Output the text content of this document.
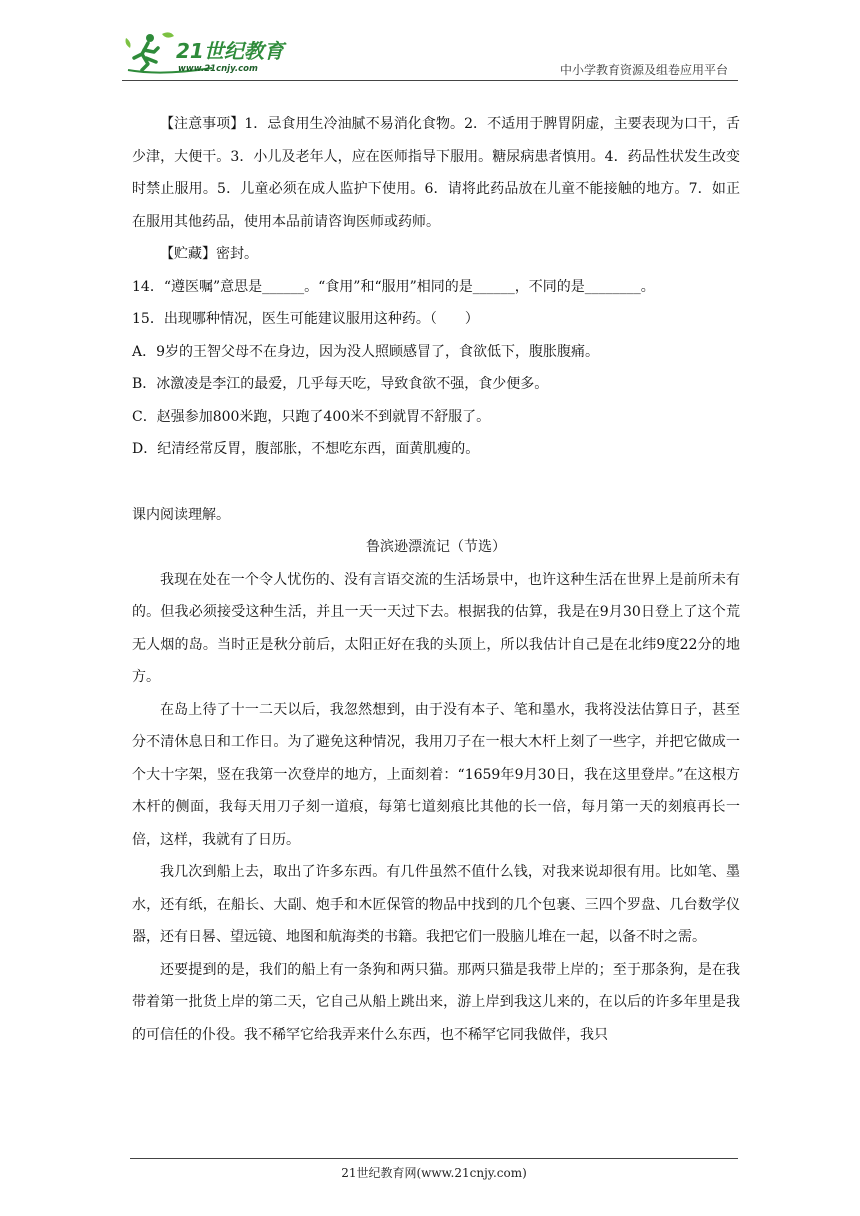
21世纪教育
www.21cnjy.com	中小学教育资源及组卷应用平台

【注意事项】1．忌食用生冷油腻不易消化食物。2．不适用于脾胃阴虚，主要表现为口干，舌少津，大便干。3．小儿及老年人，应在医师指导下服用。糖尿病患者慎用。4．药品性状发生改变时禁止服用。5．儿童必须在成人监护下使用。6．请将此药品放在儿童不能接触的地方。7．如正在服用其他药品，使用本品前请咨询医师或药师。

【贮藏】密封。

14．“遵医嘱”意思是______。“食用”和“服用”相同的是______，不同的是________。

15．出现哪种情况，医生可能建议服用这种药。（　　）

A．9岁的王智父母不在身边，因为没人照顾感冒了，食欲低下，腹胀腹痛。

B．冰激凌是李江的最爱，几乎每天吃，导致食欲不强，食少便多。

C．赵强参加800米跑，只跑了400米不到就胃不舒服了。

D．纪清经常反胃，腹部胀，不想吃东西，面黄肌瘦的。

课内阅读理解。

鲁滨逊漂流记（节选）

我现在处在一个令人忧伤的、没有言语交流的生活场景中，也许这种生活在世界上是前所未有的。但我必须接受这种生活，并且一天一天过下去。根据我的估算，我是在9月30日登上了这个荒无人烟的岛。当时正是秋分前后，太阳正好在我的头顶上，所以我估计自己是在北纬9度22分的地方。

在岛上待了十一二天以后，我忽然想到，由于没有本子、笔和墨水，我将没法估算日子，甚至分不清休息日和工作日。为了避免这种情况，我用刀子在一根大木杆上刻了一些字，并把它做成一个大十字架，竖在我第一次登岸的地方，上面刻着：“1659年9月30日，我在这里登岸。”在这根方木杆的侧面，我每天用刀子刻一道痕，每第七道刻痕比其他的长一倍，每月第一天的刻痕再长一倍，这样，我就有了日历。

我几次到船上去，取出了许多东西。有几件虽然不值什么钱，对我来说却很有用。比如笔、墨水，还有纸，在船长、大副、炮手和木匠保管的物品中找到的几个包裹、三四个罗盘、几台数学仪器，还有日晷、望远镜、地图和航海类的书籍。我把它们一股脑儿堆在一起，以备不时之需。

还要提到的是，我们的船上有一条狗和两只猫。那两只猫是我带上岸的；至于那条狗，是在我带着第一批货上岸的第二天，它自己从船上跳出来，游上岸到我这儿来的，在以后的许多年里是我的可信任的仆役。我不稀罕它给我弄来什么东西，也不稀罕它同我做伴，我只

21世纪教育网(www.21cnjy.com)
